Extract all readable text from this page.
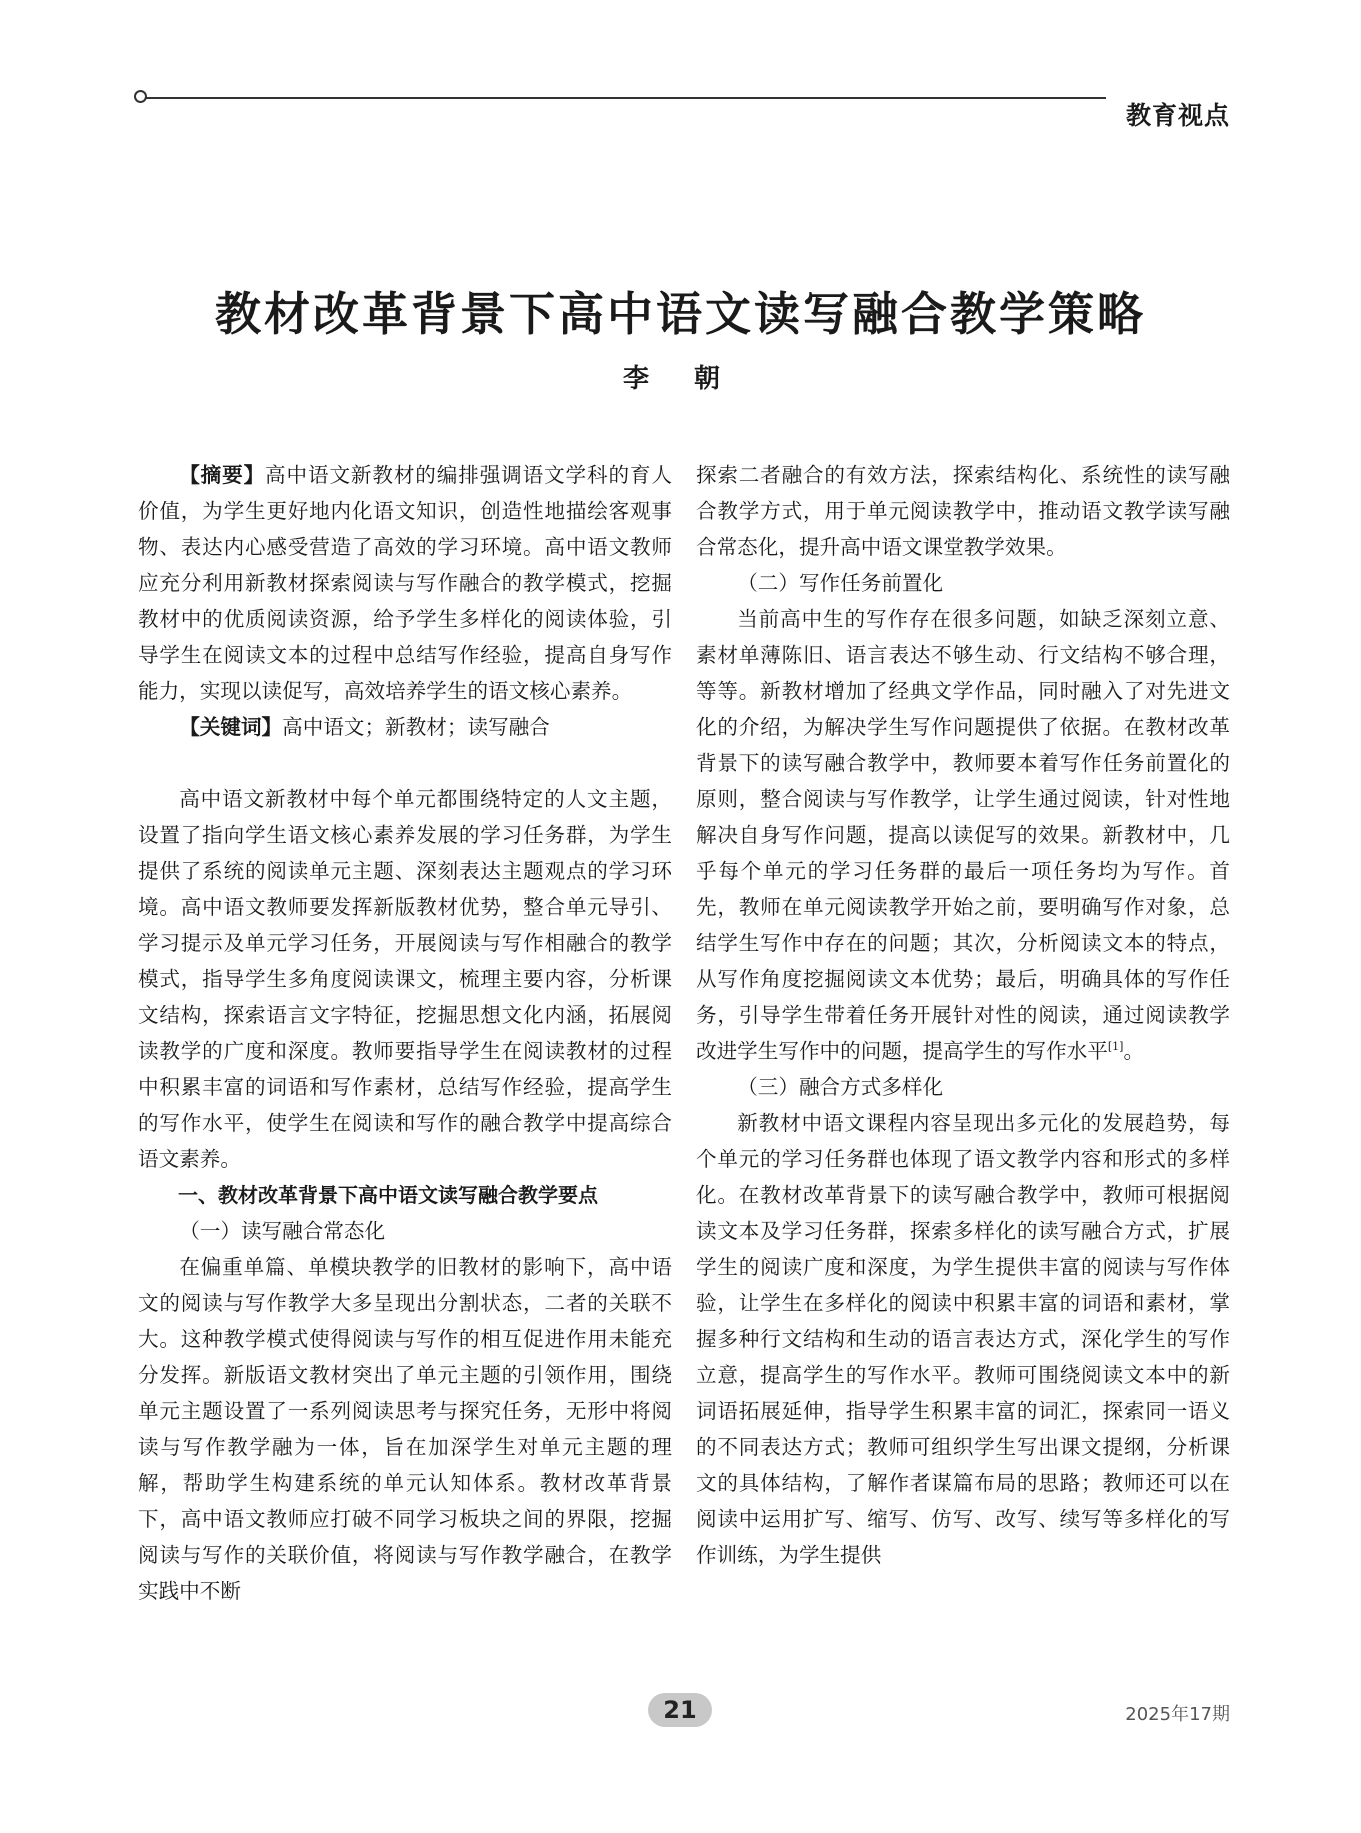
教育视点
教材改革背景下高中语文读写融合教学策略
李 朝

【摘要】高中语文新教材的编排强调语文学科的育人价值，为学生更好地内化语文知识，创造性地描绘客观事物、表达内心感受营造了高效的学习环境。高中语文教师应充分利用新教材探索阅读与写作融合的教学模式，挖掘教材中的优质阅读资源，给予学生多样化的阅读体验，引导学生在阅读文本的过程中总结写作经验，提高自身写作能力，实现以读促写，高效培养学生的语文核心素养。

【关键词】高中语文；新教材；读写融合

高中语文新教材中每个单元都围绕特定的人文主题，设置了指向学生语文核心素养发展的学习任务群，为学生提供了系统的阅读单元主题、深刻表达主题观点的学习环境。高中语文教师要发挥新版教材优势，整合单元导引、学习提示及单元学习任务，开展阅读与写作相融合的教学模式，指导学生多角度阅读课文，梳理主要内容，分析课文结构，探索语言文字特征，挖掘思想文化内涵，拓展阅读教学的广度和深度。教师要指导学生在阅读教材的过程中积累丰富的词语和写作素材，总结写作经验，提高学生的写作水平，使学生在阅读和写作的融合教学中提高综合语文素养。

一、教材改革背景下高中语文读写融合教学要点

（一）读写融合常态化

在偏重单篇、单模块教学的旧教材的影响下，高中语文的阅读与写作教学大多呈现出分割状态，二者的关联不大。这种教学模式使得阅读与写作的相互促进作用未能充分发挥。新版语文教材突出了单元主题的引领作用，围绕单元主题设置了一系列阅读思考与探究任务，无形中将阅读与写作教学融为一体，旨在加深学生对单元主题的理解，帮助学生构建系统的单元认知体系。教材改革背景下，高中语文教师应打破不同学习板块之间的界限，挖掘阅读与写作的关联价值，将阅读与写作教学融合，在教学实践中不断

探索二者融合的有效方法，探索结构化、系统性的读写融合教学方式，用于单元阅读教学中，推动语文教学读写融合常态化，提升高中语文课堂教学效果。

（二）写作任务前置化

当前高中生的写作存在很多问题，如缺乏深刻立意、素材单薄陈旧、语言表达不够生动、行文结构不够合理，等等。新教材增加了经典文学作品，同时融入了对先进文化的介绍，为解决学生写作问题提供了依据。在教材改革背景下的读写融合教学中，教师要本着写作任务前置化的原则，整合阅读与写作教学，让学生通过阅读，针对性地解决自身写作问题，提高以读促写的效果。新教材中，几乎每个单元的学习任务群的最后一项任务均为写作。首先，教师在单元阅读教学开始之前，要明确写作对象，总结学生写作中存在的问题；其次，分析阅读文本的特点，从写作角度挖掘阅读文本优势；最后，明确具体的写作任务，引导学生带着任务开展针对性的阅读，通过阅读教学改进学生写作中的问题，提高学生的写作水平[1]。

（三）融合方式多样化

新教材中语文课程内容呈现出多元化的发展趋势，每个单元的学习任务群也体现了语文教学内容和形式的多样化。在教材改革背景下的读写融合教学中，教师可根据阅读文本及学习任务群，探索多样化的读写融合方式，扩展学生的阅读广度和深度，为学生提供丰富的阅读与写作体验，让学生在多样化的阅读中积累丰富的词语和素材，掌握多种行文结构和生动的语言表达方式，深化学生的写作立意，提高学生的写作水平。教师可围绕阅读文本中的新词语拓展延伸，指导学生积累丰富的词汇，探索同一语义的不同表达方式；教师可组织学生写出课文提纲，分析课文的具体结构，了解作者谋篇布局的思路；教师还可以在阅读中运用扩写、缩写、仿写、改写、续写等多样化的写作训练，为学生提供

21	2025年17期
